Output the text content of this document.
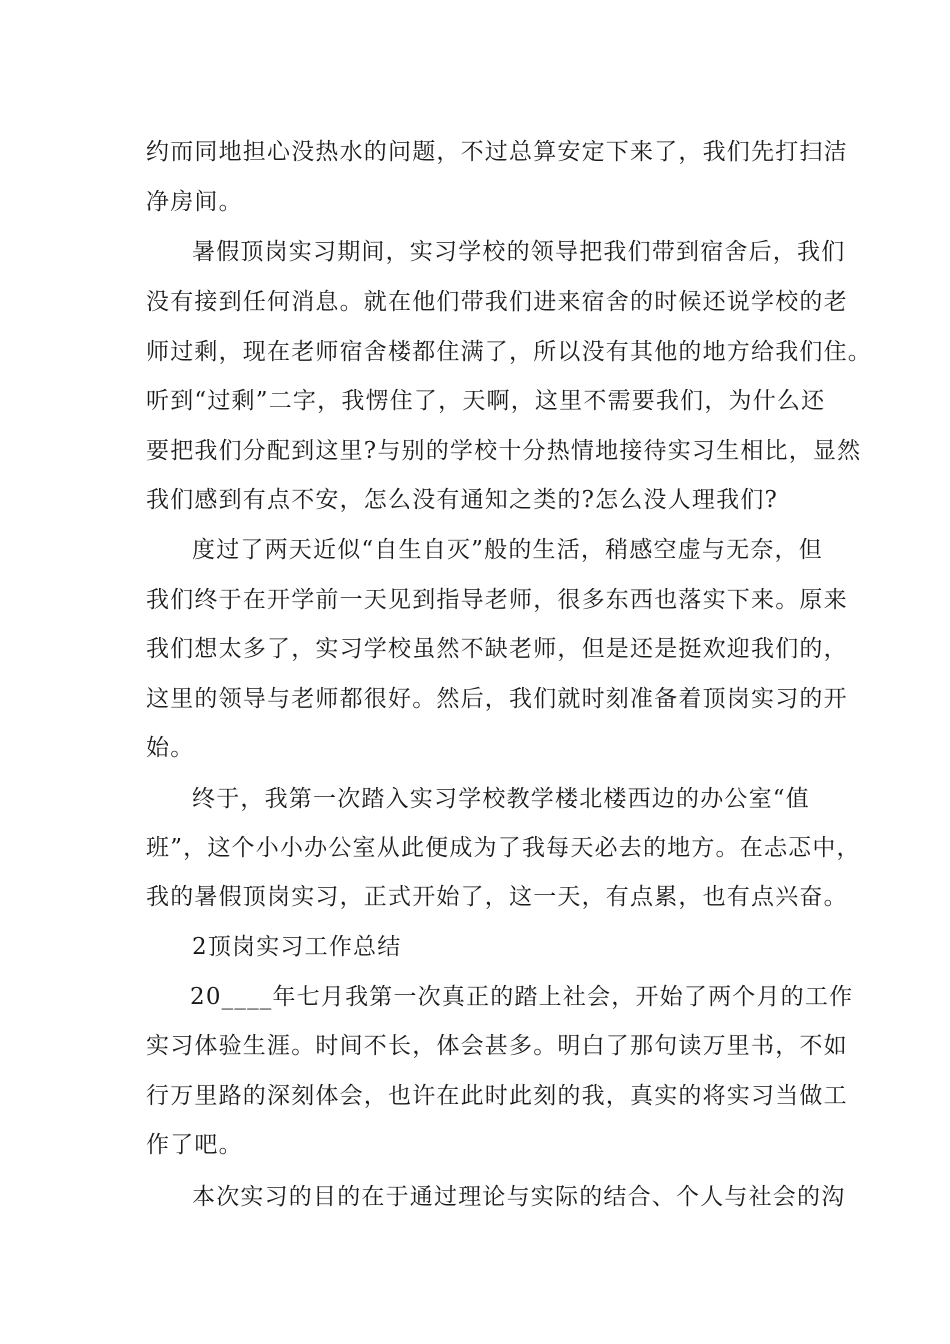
约而同地担心没热水的问题，不过总算安定下来了，我们先打扫洁
净房间。
暑假顶岗实习期间，实习学校的领导把我们带到宿舍后，我们
没有接到任何消息。就在他们带我们进来宿舍的时候还说学校的老
师过剩，现在老师宿舍楼都住满了，所以没有其他的地方给我们住。
听到“过剩”二字，我愣住了，天啊，这里不需要我们，为什么还
要把我们分配到这里?与别的学校十分热情地接待实习生相比，显然
我们感到有点不安，怎么没有通知之类的?怎么没人理我们?
度过了两天近似“自生自灭”般的生活，稍感空虚与无奈，但
我们终于在开学前一天见到指导老师，很多东西也落实下来。原来
我们想太多了，实习学校虽然不缺老师，但是还是挺欢迎我们的，
这里的领导与老师都很好。然后，我们就时刻准备着顶岗实习的开
始。
终于，我第一次踏入实习学校教学楼北楼西边的办公室“值
班”，这个小小办公室从此便成为了我每天必去的地方。在忐忑中，
我的暑假顶岗实习，正式开始了，这一天，有点累，也有点兴奋。
2顶岗实习工作总结
20____年七月我第一次真正的踏上社会，开始了两个月的工作
实习体验生涯。时间不长，体会甚多。明白了那句读万里书，不如
行万里路的深刻体会，也许在此时此刻的我，真实的将实习当做工
作了吧。
本次实习的目的在于通过理论与实际的结合、个人与社会的沟
